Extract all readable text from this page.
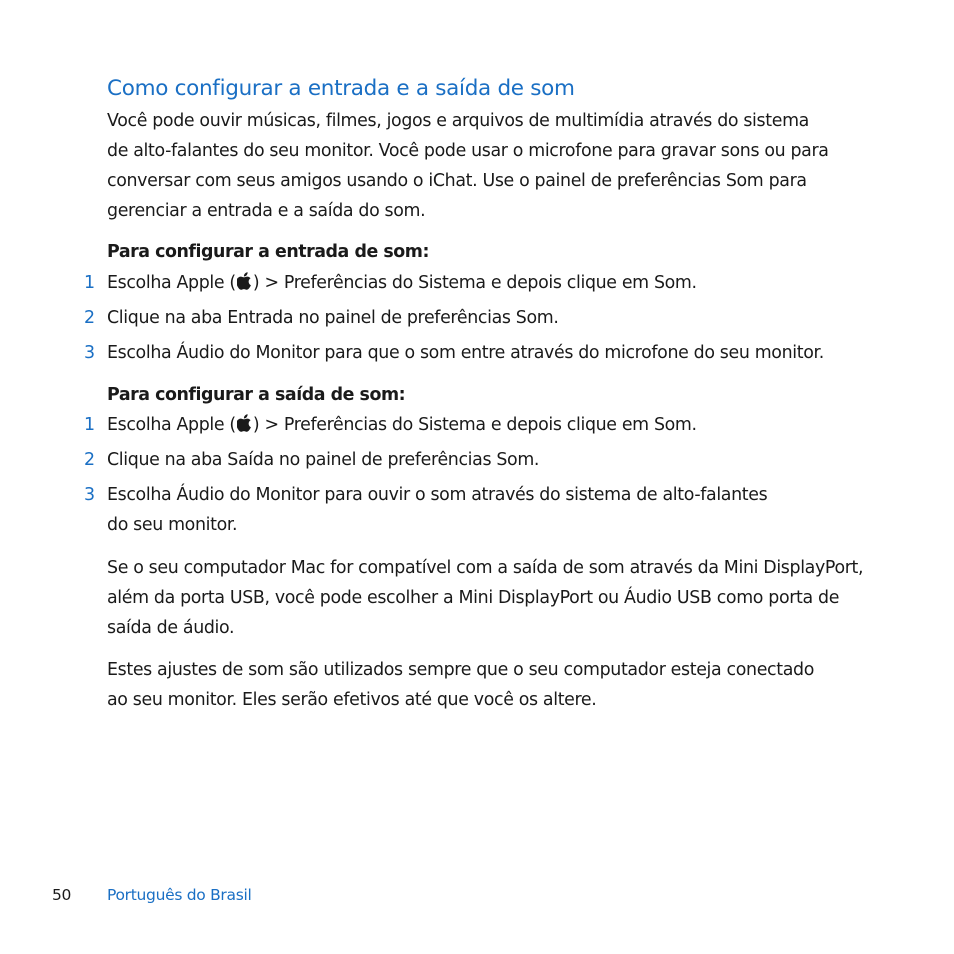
Como configurar a entrada e a saída de som
Você pode ouvir músicas, filmes, jogos e arquivos de multimídia através do sistema
de alto-falantes do seu monitor. Você pode usar o microfone para gravar sons ou para
conversar com seus amigos usando o iChat. Use o painel de preferências Som para
gerenciar a entrada e a saída do som.
Para configurar a entrada de som:
1 Escolha Apple ( ) > Preferências do Sistema e depois clique em Som.
2 Clique na aba Entrada no painel de preferências Som.
3 Escolha Áudio do Monitor para que o som entre através do microfone do seu monitor.
Para configurar a saída de som:
1 Escolha Apple ( ) > Preferências do Sistema e depois clique em Som.
2 Clique na aba Saída no painel de preferências Som.
3 Escolha Áudio do Monitor para ouvir o som através do sistema de alto-falantes
do seu monitor.
Se o seu computador Mac for compatível com a saída de som através da Mini DisplayPort,
além da porta USB, você pode escolher a Mini DisplayPort ou Áudio USB como porta de
saída de áudio.
Estes ajustes de som são utilizados sempre que o seu computador esteja conectado
ao seu monitor. Eles serão efetivos até que você os altere.
50 Português do Brasil
